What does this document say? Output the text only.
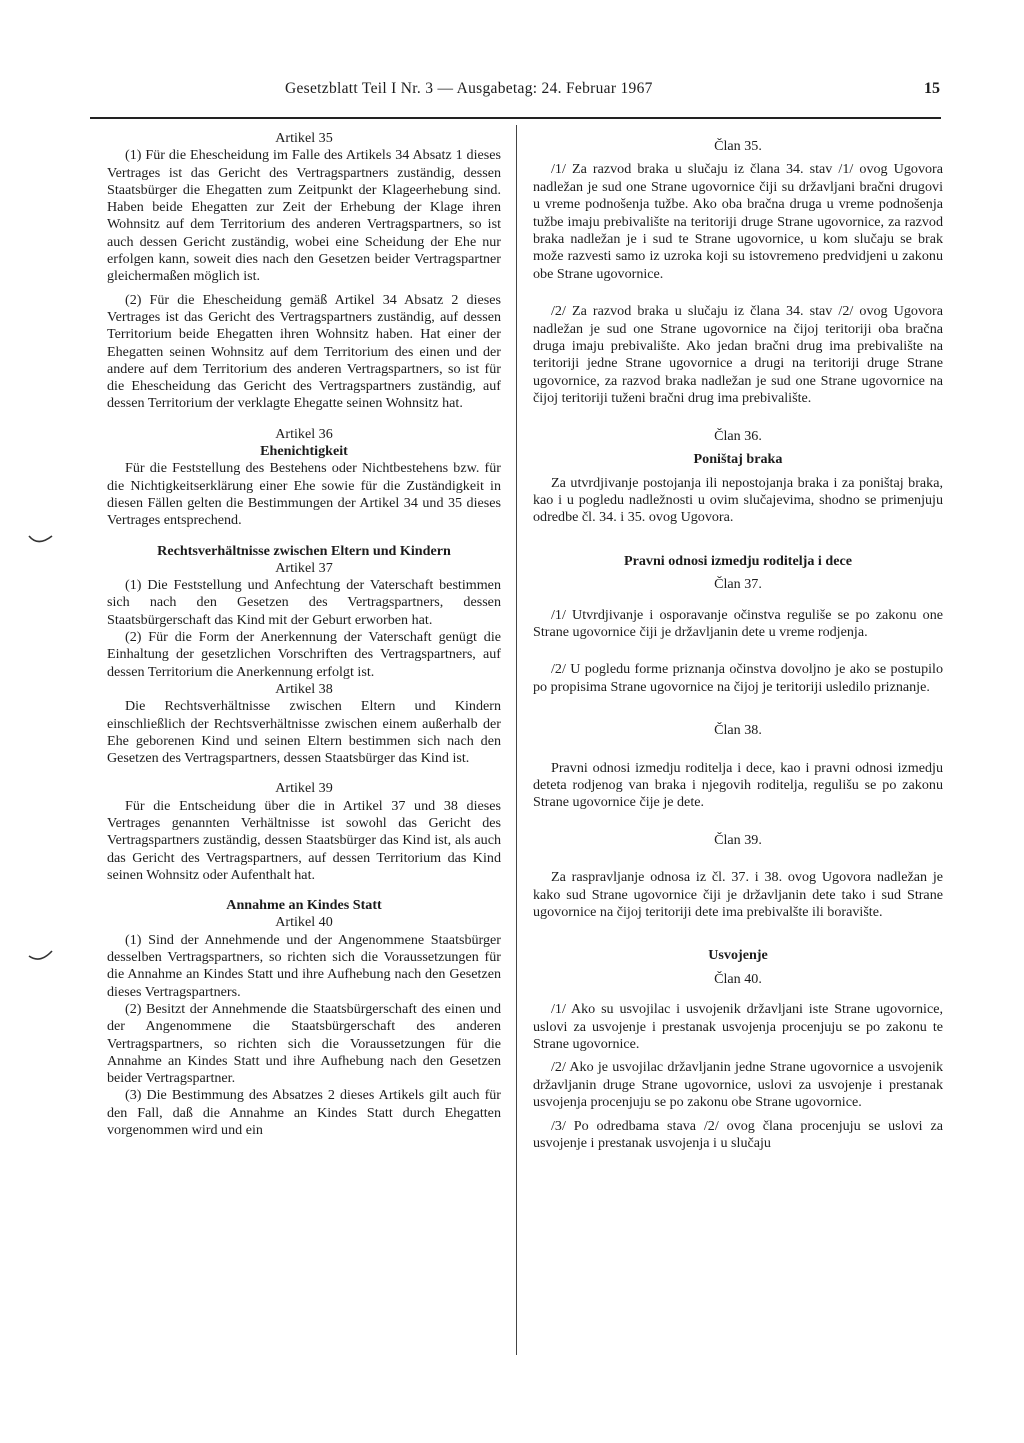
Gesetzblatt Teil I Nr. 3 — Ausgabetag: 24. Februar 1967	15

Artikel 35

(1) Für die Ehescheidung im Falle des Artikels 34 Absatz 1 dieses Vertrages ist das Gericht des Vertragspartners zuständig, dessen Staatsbürger die Ehegatten zum Zeitpunkt der Klageerhebung sind. Haben beide Ehegatten zur Zeit der Erhebung der Klage ihren Wohnsitz auf dem Territorium des anderen Vertragspartners, so ist auch dessen Gericht zuständig, wobei eine Scheidung der Ehe nur erfolgen kann, soweit dies nach den Gesetzen beider Vertragspartner gleichermaßen möglich ist.

(2) Für die Ehescheidung gemäß Artikel 34 Absatz 2 dieses Vertrages ist das Gericht des Vertragspartners zuständig, auf dessen Territorium beide Ehegatten ihren Wohnsitz haben. Hat einer der Ehegatten seinen Wohnsitz auf dem Territorium des einen und der andere auf dem Territorium des anderen Vertragspartners, so ist für die Ehescheidung das Gericht des Vertragspartners zuständig, auf dessen Territorium der verklagte Ehegatte seinen Wohnsitz hat.

Artikel 36

Ehenichtigkeit

Für die Feststellung des Bestehens oder Nichtbestehens bzw. für die Nichtigkeitserklärung einer Ehe sowie für die Zuständigkeit in diesen Fällen gelten die Bestimmungen der Artikel 34 und 35 dieses Vertrages entsprechend.

Rechtsverhältnisse zwischen Eltern und Kindern

Artikel 37

(1) Die Feststellung und Anfechtung der Vaterschaft bestimmen sich nach den Gesetzen des Vertragspartners, dessen Staatsbürgerschaft das Kind mit der Geburt erworben hat.

(2) Für die Form der Anerkennung der Vaterschaft genügt die Einhaltung der gesetzlichen Vorschriften des Vertragspartners, auf dessen Territorium die Anerkennung erfolgt ist.

Artikel 38

Die Rechtsverhältnisse zwischen Eltern und Kindern einschließlich der Rechtsverhältnisse zwischen einem außerhalb der Ehe geborenen Kind und seinen Eltern bestimmen sich nach den Gesetzen des Vertragspartners, dessen Staatsbürger das Kind ist.

Artikel 39

Für die Entscheidung über die in Artikel 37 und 38 dieses Vertrages genannten Verhältnisse ist sowohl das Gericht des Vertragspartners zuständig, dessen Staatsbürger das Kind ist, als auch das Gericht des Vertragspartners, auf dessen Territorium das Kind seinen Wohnsitz oder Aufenthalt hat.

Annahme an Kindes Statt

Artikel 40

(1) Sind der Annehmende und der Angenommene Staatsbürger desselben Vertragspartners, so richten sich die Voraussetzungen für die Annahme an Kindes Statt und ihre Aufhebung nach den Gesetzen dieses Vertragspartners.

(2) Besitzt der Annehmende die Staatsbürgerschaft des einen und der Angenommene die Staatsbürgerschaft des anderen Vertragspartners, so richten sich die Voraussetzungen für die Annahme an Kindes Statt und ihre Aufhebung nach den Gesetzen beider Vertragspartner.

(3) Die Bestimmung des Absatzes 2 dieses Artikels gilt auch für den Fall, daß die Annahme an Kindes Statt durch Ehegatten vorgenommen wird und ein

Član 35.

/1/ Za razvod braka u slučaju iz člana 34. stav /1/ ovog Ugovora nadležan je sud one Strane ugovornice čiji su državljani bračni drugovi u vreme podnošenja tužbe. Ako oba bračna druga u vreme podnošenja tužbe imaju prebivalište na teritoriji druge Strane ugovornice, za razvod braka nadležan je i sud te Strane ugovornice, u kom slučaju se brak može razvesti samo iz uzroka koji su istovremeno predvidjeni u zakonu obe Strane ugovornice.

/2/ Za razvod braka u slučaju iz člana 34. stav /2/ ovog Ugovora nadležan je sud one Strane ugovornice na čijoj teritoriji oba bračna druga imaju prebivalište. Ako jedan bračni drug ima prebivalište na teritoriji jedne Strane ugovornice a drugi na teritoriji druge Strane ugovornice, za razvod braka nadležan je sud one Strane ugovornice na čijoj teritoriji tuženi bračni drug ima prebivalište.

Član 36.

Poništaj braka

Za utvrdjivanje postojanja ili nepostojanja braka i za poništaj braka, kao i u pogledu nadležnosti u ovim slučajevima, shodno se primenjuju odredbe čl. 34. i 35. ovog Ugovora.

Pravni odnosi izmedju roditelja i dece

Član 37.

/1/ Utvrdjivanje i osporavanje očinstva reguliše se po zakonu one Strane ugovornice čiji je državljanin dete u vreme rodjenja.

/2/ U pogledu forme priznanja očinstva dovoljno je ako se postupilo po propisima Strane ugovornice na čijoj je teritoriji usledilo priznanje.

Član 38.

Pravni odnosi izmedju roditelja i dece, kao i pravni odnosi izmedju deteta rodjenog van braka i njegovih roditelja, regulišu se po zakonu Strane ugovornice čije je dete.

Član 39.

Za raspravljanje odnosa iz čl. 37. i 38. ovog Ugovora nadležan je kako sud Strane ugovornice čiji je državljanin dete tako i sud Strane ugovornice na čijoj teritoriji dete ima prebivalšte ili boravište.

Usvojenje

Član 40.

/1/ Ako su usvojilac i usvojenik državljani iste Strane ugovornice, uslovi za usvojenje i prestanak usvojenja procenjuju se po zakonu te Strane ugovornice.

/2/ Ako je usvojilac državljanin jedne Strane ugovornice a usvojenik državljanin druge Strane ugovornice, uslovi za usvojenje i prestanak usvojenja procenjuju se po zakonu obe Strane ugovornice.

/3/ Po odredbama stava /2/ ovog člana procenjuju se uslovi za usvojenje i prestanak usvojenja i u slučaju
